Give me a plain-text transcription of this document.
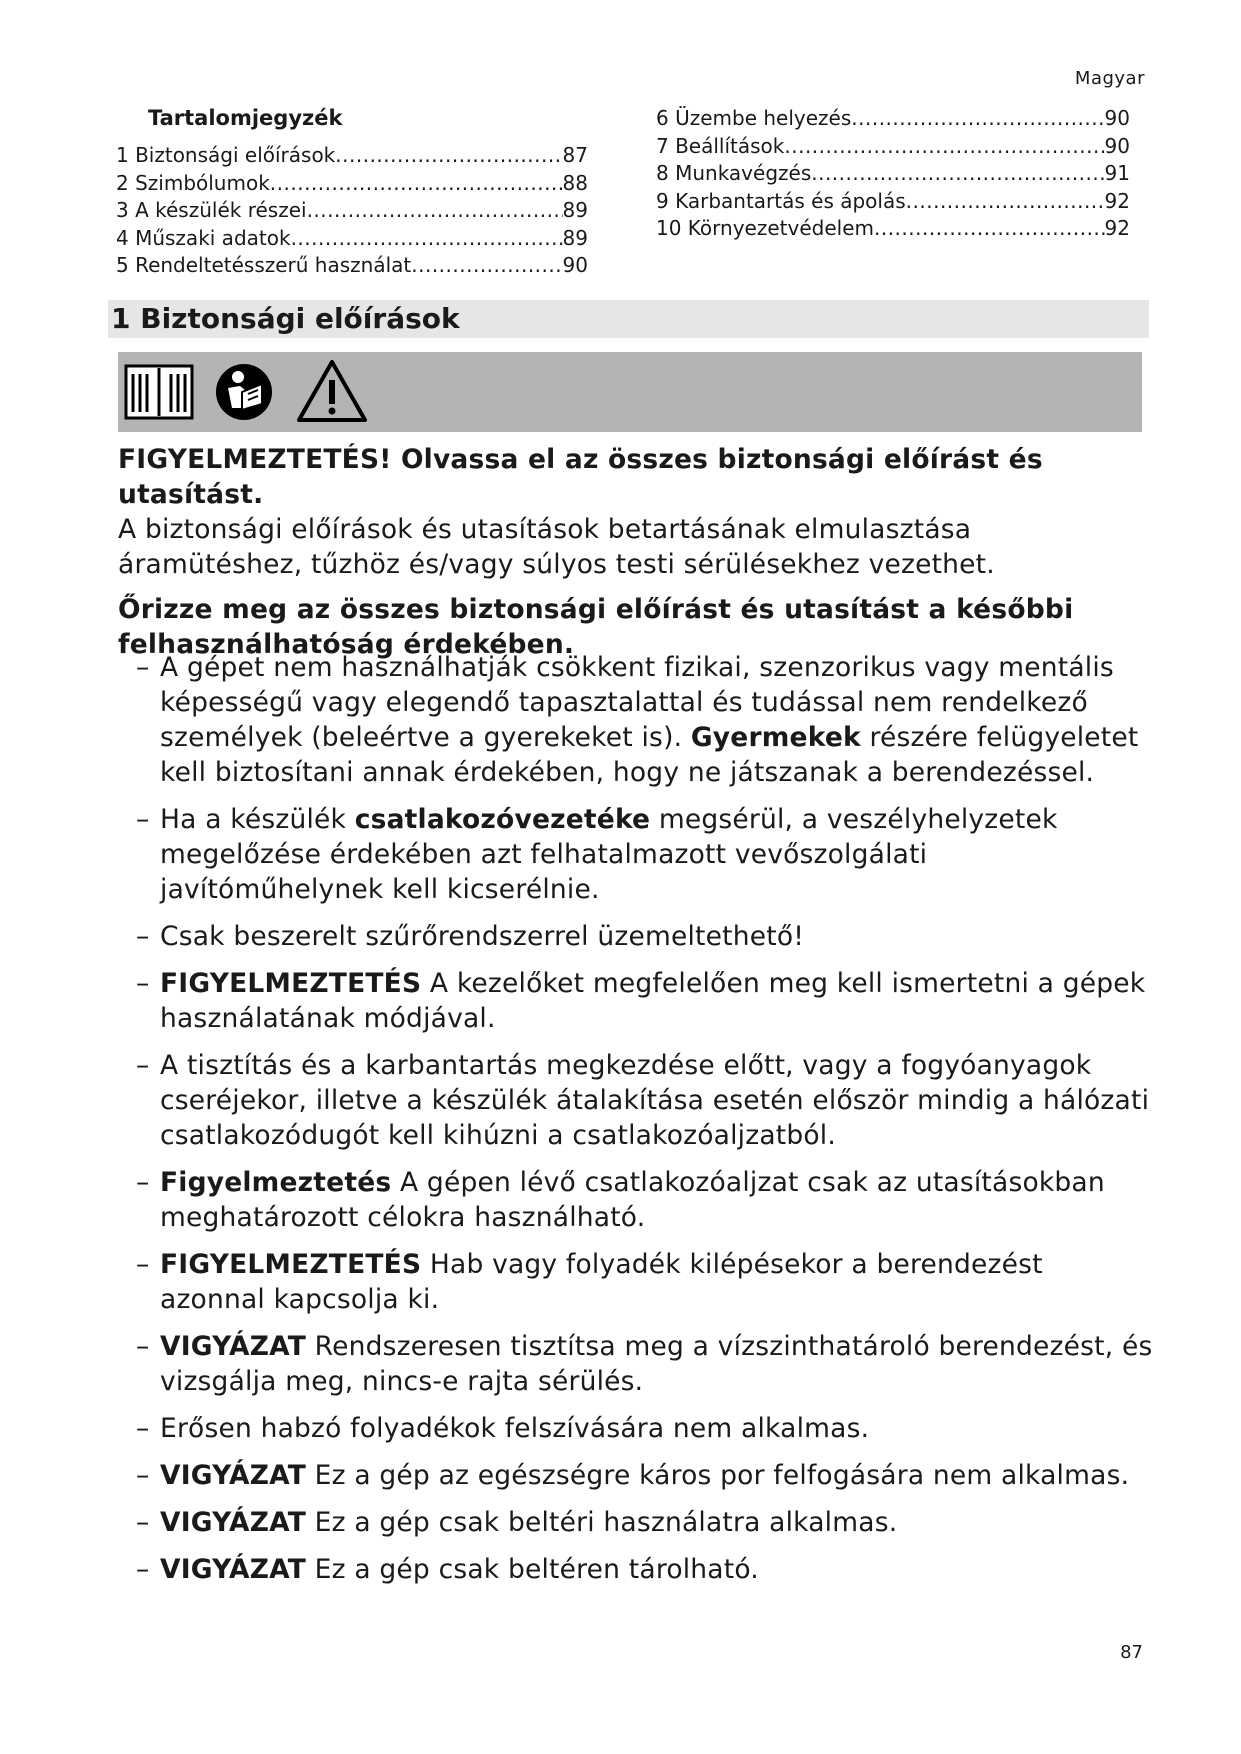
Magyar
Tartalomjegyzék
1 Biztonsági előírások .....	87
2 Szimbólumok .....	88
3 A készülék részei .....	89
4 Műszaki adatok .....	89
5 Rendeltetésszerű használat .....	90
6 Üzembe helyezés .....	90
7 Beállítások .....	90
8 Munkavégzés .....	91
9 Karbantartás és ápolás .....	92
10 Környezetvédelem .....	92
1 Biztonsági előírások

FIGYELMEZTETÉS! Olvassa el az összes biztonsági előírást és utasítást.

A biztonsági előírások és utasítások betartásának elmulasztása áramütéshez, tűzhöz és/vagy súlyos testi sérülésekhez vezethet.

Őrizze meg az összes biztonsági előírást és utasítást a későbbi felhasználhatóság érdekében.

– A gépet nem használhatják csökkent fizikai, szenzorikus vagy mentális képességű vagy elegendő tapasztalattal és tudással nem rendelkező személyek (beleértve a gyerekeket is). Gyermekek részére felügyeletet kell biztosítani annak érdekében, hogy ne játszanak a berendezéssel.
– Ha a készülék csatlakozóvezetéke megsérül, a veszélyhelyzetek megelőzése érdekében azt felhatalmazott vevőszolgálati javítóműhelynek kell kicserélnie.
– Csak beszerelt szűrőrendszerrel üzemeltethető!
– FIGYELMEZTETÉS A kezelőket megfelelően meg kell ismertetni a gépek használatának módjával.
– A tisztítás és a karbantartás megkezdése előtt, vagy a fogyóanyagok cseréjekor, illetve a készülék átalakítása esetén először mindig a hálózati csatlakozódugót kell kihúzni a csatlakozóaljzatból.
– Figyelmeztetés A gépen lévő csatlakozóaljzat csak az utasításokban meghatározott célokra használható.
– FIGYELMEZTETÉS Hab vagy folyadék kilépésekor a berendezést azonnal kapcsolja ki.
– VIGYÁZAT Rendszeresen tisztítsa meg a vízszinthatároló berendezést, és vizsgálja meg, nincs-e rajta sérülés.
– Erősen habzó folyadékok felszívására nem alkalmas.
– VIGYÁZAT Ez a gép az egészségre káros por felfogására nem alkalmas.
– VIGYÁZAT Ez a gép csak beltéri használatra alkalmas.
– VIGYÁZAT Ez a gép csak beltéren tárolható.
87
